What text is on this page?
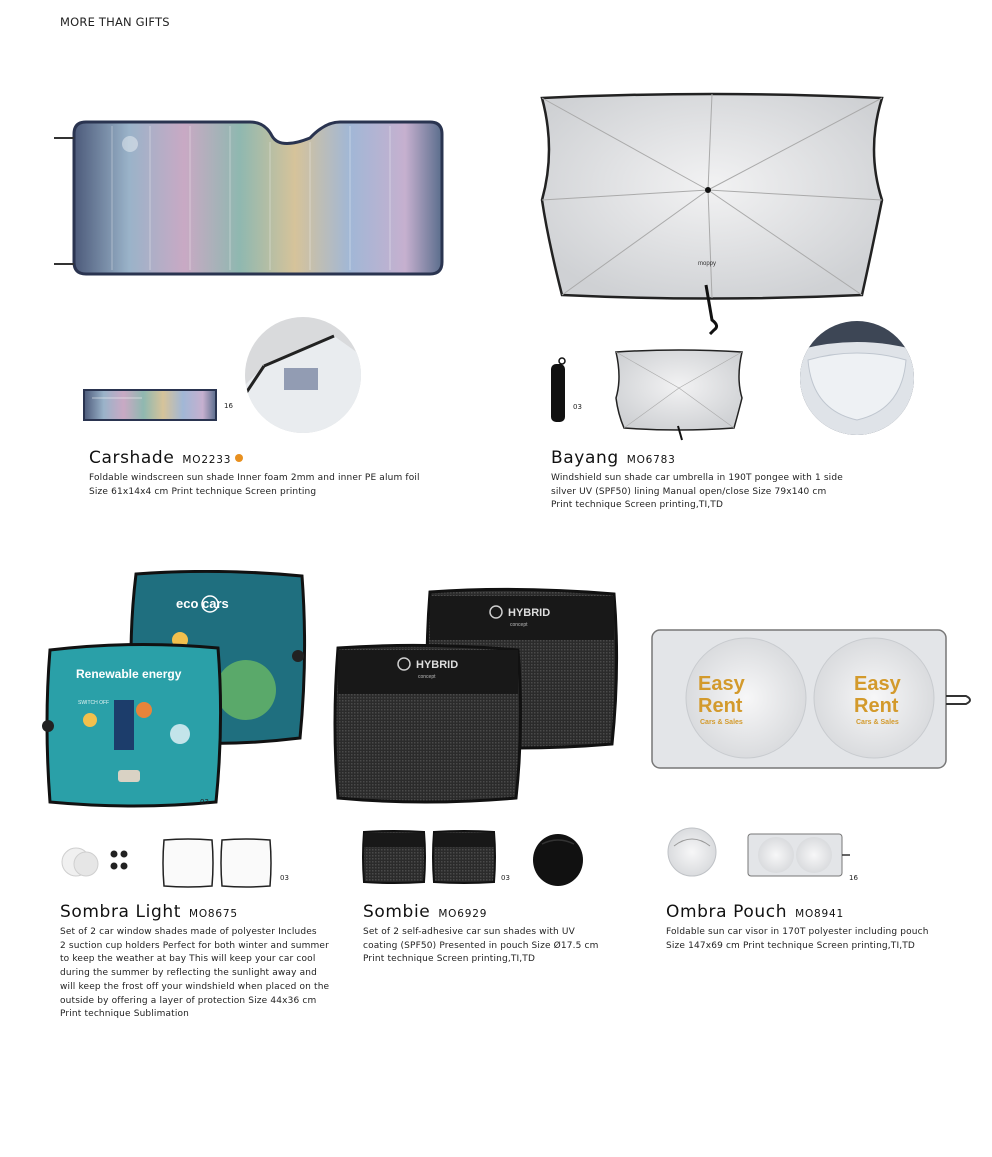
MORE THAN GIFTS
16
Carshade MO2233
Foldable windscreen sun shade Inner foam 2mm and inner PE alum foil
Size 61x14x4 cm Print technique Screen printing
moppy
03
Bayang MO6783
Windshield sun shade car umbrella in 190T pongee with 1 side
silver UV (SPF50) lining Manual open/close Size 79x140 cm
Print technique Screen printing,TI,TD
eco cars
Renewable energy
SWITCH OFF
03
03
Sombra Light MO8675
Set of 2 car window shades made of polyester Includes
2 suction cup holders Perfect for both winter and summer
to keep the weather at bay This will keep your car cool
during the summer by reflecting the sunlight away and
will keep the frost off your windshield when placed on the
outside by offering a layer of protection Size 44x36 cm
Print technique Sublimation
HYBRID
concept
HYBRID
concept
03
Sombie MO6929
Set of 2 self-adhesive car sun shades with UV
coating (SPF50) Presented in pouch Size Ø17.5 cm
Print technique Screen printing,TI,TD
Easy
Rent
Cars & Sales
Easy
Rent
Cars & Sales
16
Ombra Pouch MO8941
Foldable sun car visor in 170T polyester including pouch
Size 147x69 cm Print technique Screen printing,TI,TD
